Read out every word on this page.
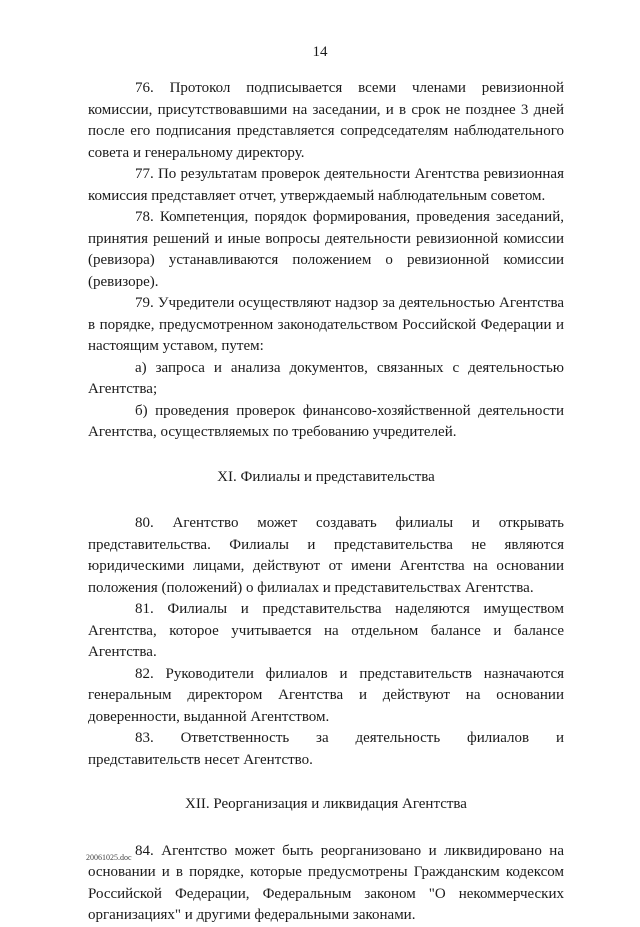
14

76. Протокол подписывается всеми членами ревизионной комиссии, присутствовавшими на заседании, и в срок не позднее 3 дней после его подписания представляется сопредседателям наблюдательного совета и генеральному директору.

77. По результатам проверок деятельности Агентства ревизионная комиссия представляет отчет, утверждаемый наблюдательным советом.

78. Компетенция, порядок формирования, проведения заседаний, принятия решений и иные вопросы деятельности ревизионной комиссии (ревизора) устанавливаются положением о ревизионной комиссии (ревизоре).

79. Учредители осуществляют надзор за деятельностью Агентства в порядке, предусмотренном законодательством Российской Федерации и настоящим уставом, путем:

а) запроса и анализа документов, связанных с деятельностью Агентства;

б) проведения проверок финансово-хозяйственной деятельности Агентства, осуществляемых по требованию учредителей.

XI. Филиалы и представительства

80. Агентство может создавать филиалы и открывать представительства. Филиалы и представительства не являются юридическими лицами, действуют от имени Агентства на основании положения (положений) о филиалах и представительствах Агентства.

81. Филиалы и представительства наделяются имуществом Агентства, которое учитывается на отдельном балансе и балансе Агентства.

82. Руководители филиалов и представительств назначаются генеральным директором Агентства и действуют на основании доверенности, выданной Агентством.

83. Ответственность за деятельность филиалов и представительств несет Агентство.

XII. Реорганизация и ликвидация Агентства

84. Агентство может быть реорганизовано и ликвидировано на основании и в порядке, которые предусмотрены Гражданским кодексом Российской Федерации, Федеральным законом "О некоммерческих организациях" и другими федеральными законами.

20061025.doc
